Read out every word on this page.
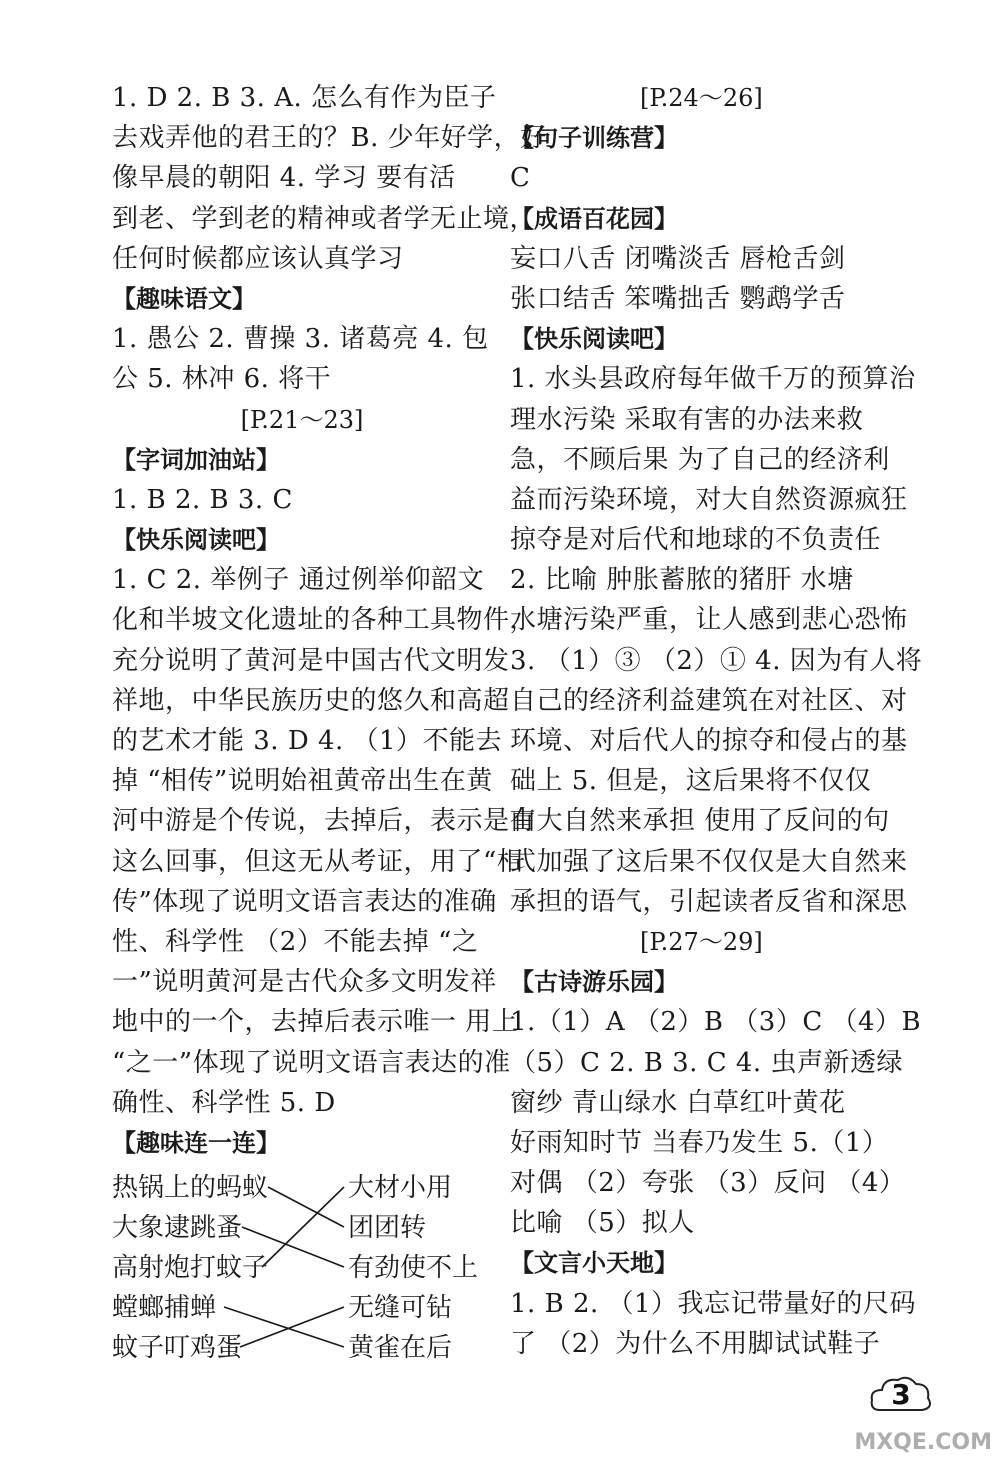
1. D 2. B 3. A. 怎么有作为臣子
去戏弄他的君王的？B. 少年好学，好
像早晨的朝阳 4. 学习 要有活
到老、学到老的精神或者学无止境，
任何时候都应该认真学习
【趣味语文】
1. 愚公 2. 曹操 3. 诸葛亮 4. 包
公 5. 林冲 6. 将干
[P.21～23]
【字词加油站】
1. B 2. B 3. C
【快乐阅读吧】
1. C 2. 举例子 通过例举仰韶文
化和半坡文化遗址的各种工具物件，
充分说明了黄河是中国古代文明发
祥地，中华民族历史的悠久和高超
的艺术才能 3. D 4. （1）不能去
掉 “相传”说明始祖黄帝出生在黄
河中游是个传说，去掉后，表示是有
这么回事，但这无从考证，用了“相
传”体现了说明文语言表达的准确
性、科学性 （2）不能去掉 “之
一”说明黄河是古代众多文明发祥
地中的一个，去掉后表示唯一 用上
“之一”体现了说明文语言表达的准
确性、科学性 5. D
【趣味连一连】
热锅上的蚂蚁
大象逮跳蚤
高射炮打蚊子
螳螂捕蝉
蚊子叮鸡蛋
大材小用
团团转
有劲使不上
无缝可钻
黄雀在后
[P.24～26]
【句子训练营】
C
【成语百花园】
妄口八舌 闭嘴淡舌 唇枪舌剑
张口结舌 笨嘴拙舌 鹦鹉学舌
【快乐阅读吧】
1. 水头县政府每年做千万的预算治
理水污染 采取有害的办法来救
急，不顾后果 为了自己的经济利
益而污染环境，对大自然资源疯狂
掠夺是对后代和地球的不负责任
2. 比喻 肿胀蓄脓的猪肝 水塘
水塘污染严重，让人感到悲心恐怖
3. （1）③ （2）① 4. 因为有人将
自己的经济利益建筑在对社区、对
环境、对后代人的掠夺和侵占的基
础上 5. 但是，这后果将不仅仅
由大自然来承担 使用了反问的句
式加强了这后果不仅仅是大自然来
承担的语气，引起读者反省和深思
[P.27～29]
【古诗游乐园】
1.（1）A （2）B （3）C （4）B
（5）C 2. B 3. C 4. 虫声新透绿
窗纱 青山绿水 白草红叶黄花
好雨知时节 当春乃发生 5.（1）
对偶 （2）夸张 （3）反问 （4）
比喻 （5）拟人
【文言小天地】
1. B 2. （1）我忘记带量好的尺码
了 （2）为什么不用脚试试鞋子
3
MXQE.COM
